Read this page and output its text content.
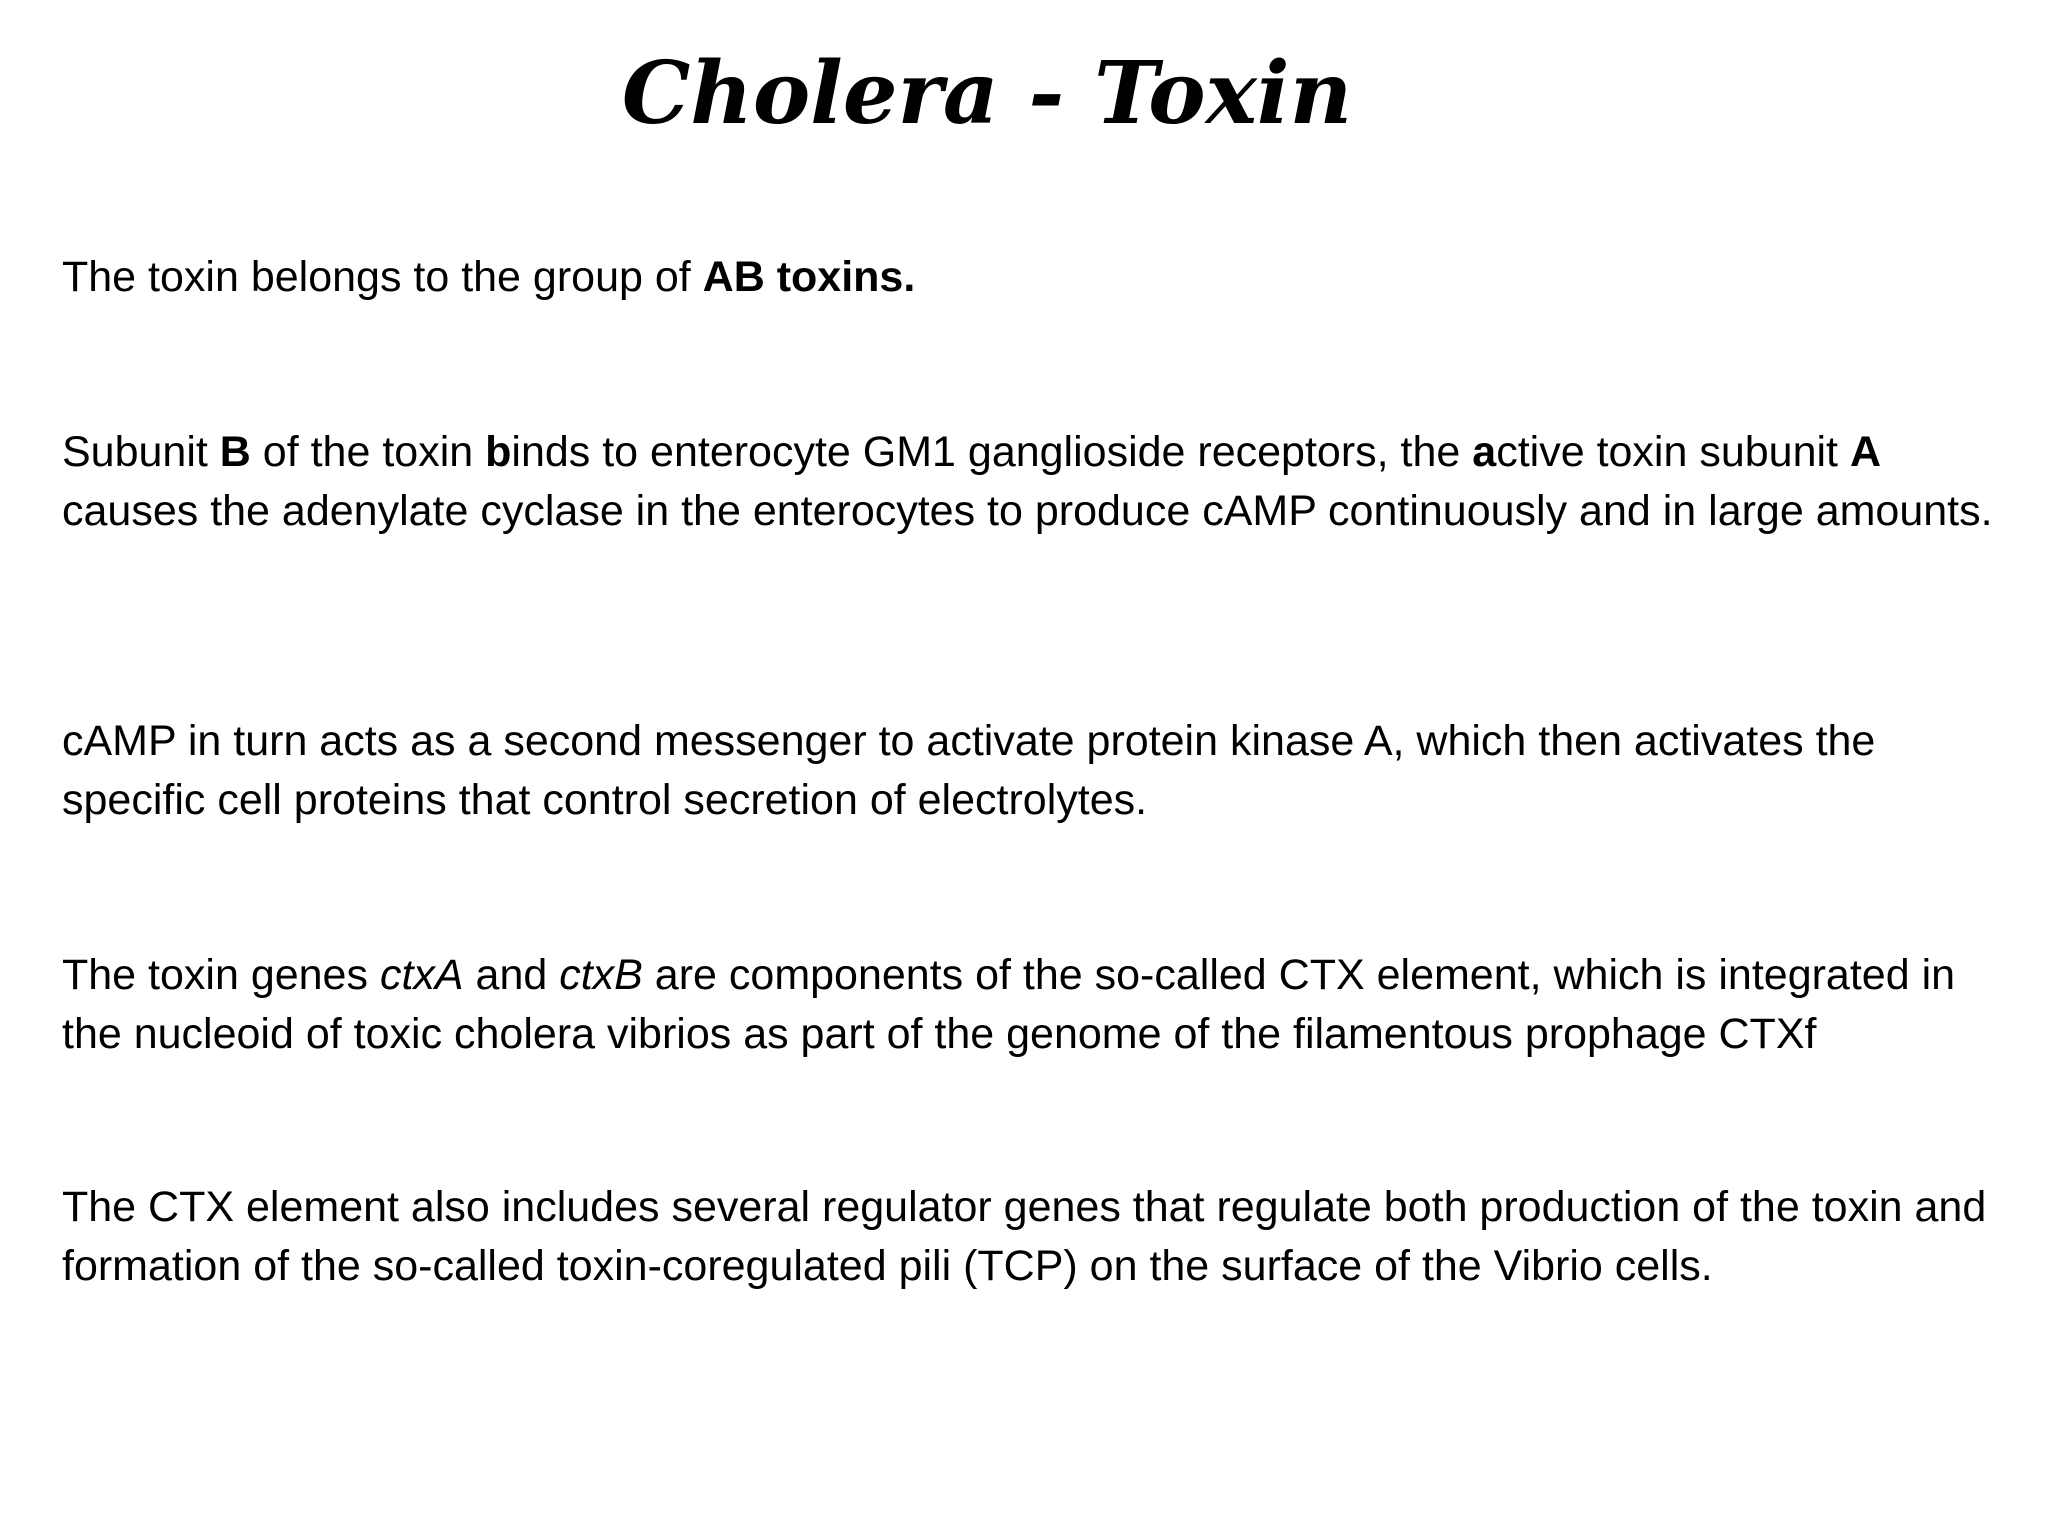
Cholera - Toxin

The toxin belongs to the group of AB toxins.

Subunit B of the toxin binds to enterocyte GM1 ganglioside receptors, the active toxin subunit A causes the adenylate cyclase in the enterocytes to produce cAMP continuously and in large amounts.

cAMP in turn acts as a second messenger to activate protein kinase A, which then activates the specific cell proteins that control secretion of electrolytes.

The toxin genes ctxA and ctxB are components of the so-called CTX element, which is integrated in the nucleoid of toxic cholera vibrios as part of the genome of the filamentous prophage CTXf

The CTX element also includes several regulator genes that regulate both production of the toxin and formation of the so-called toxin-coregulated pili (TCP) on the surface of the Vibrio cells.
